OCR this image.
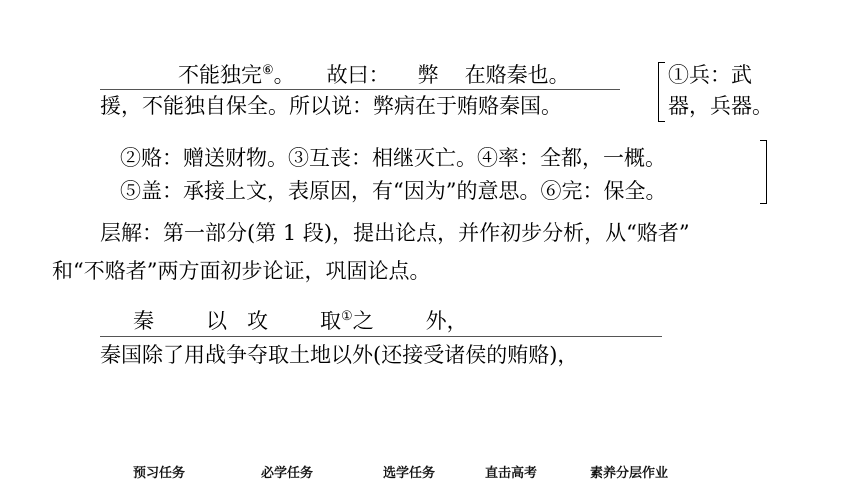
不能独完⑥。 故曰： 弊 在赂秦也。
援，不能独自保全。所以说：弊病在于贿赂秦国。
①兵：武
器，兵器。
②赂：赠送财物。③互丧：相继灭亡。④率：全都，一概。
⑤盖：承接上文，表原因，有“因为”的意思。⑥完：保全。
层解：第一部分(第 1 段)，提出论点，并作初步分析，从“赂者”
和“不赂者”两方面初步论证，巩固论点。
秦 以 攻 取①之 外，
秦国除了用战争夺取土地以外(还接受诸侯的贿赂)，
预习任务	必学任务	选学任务	直击高考	素养分层作业
